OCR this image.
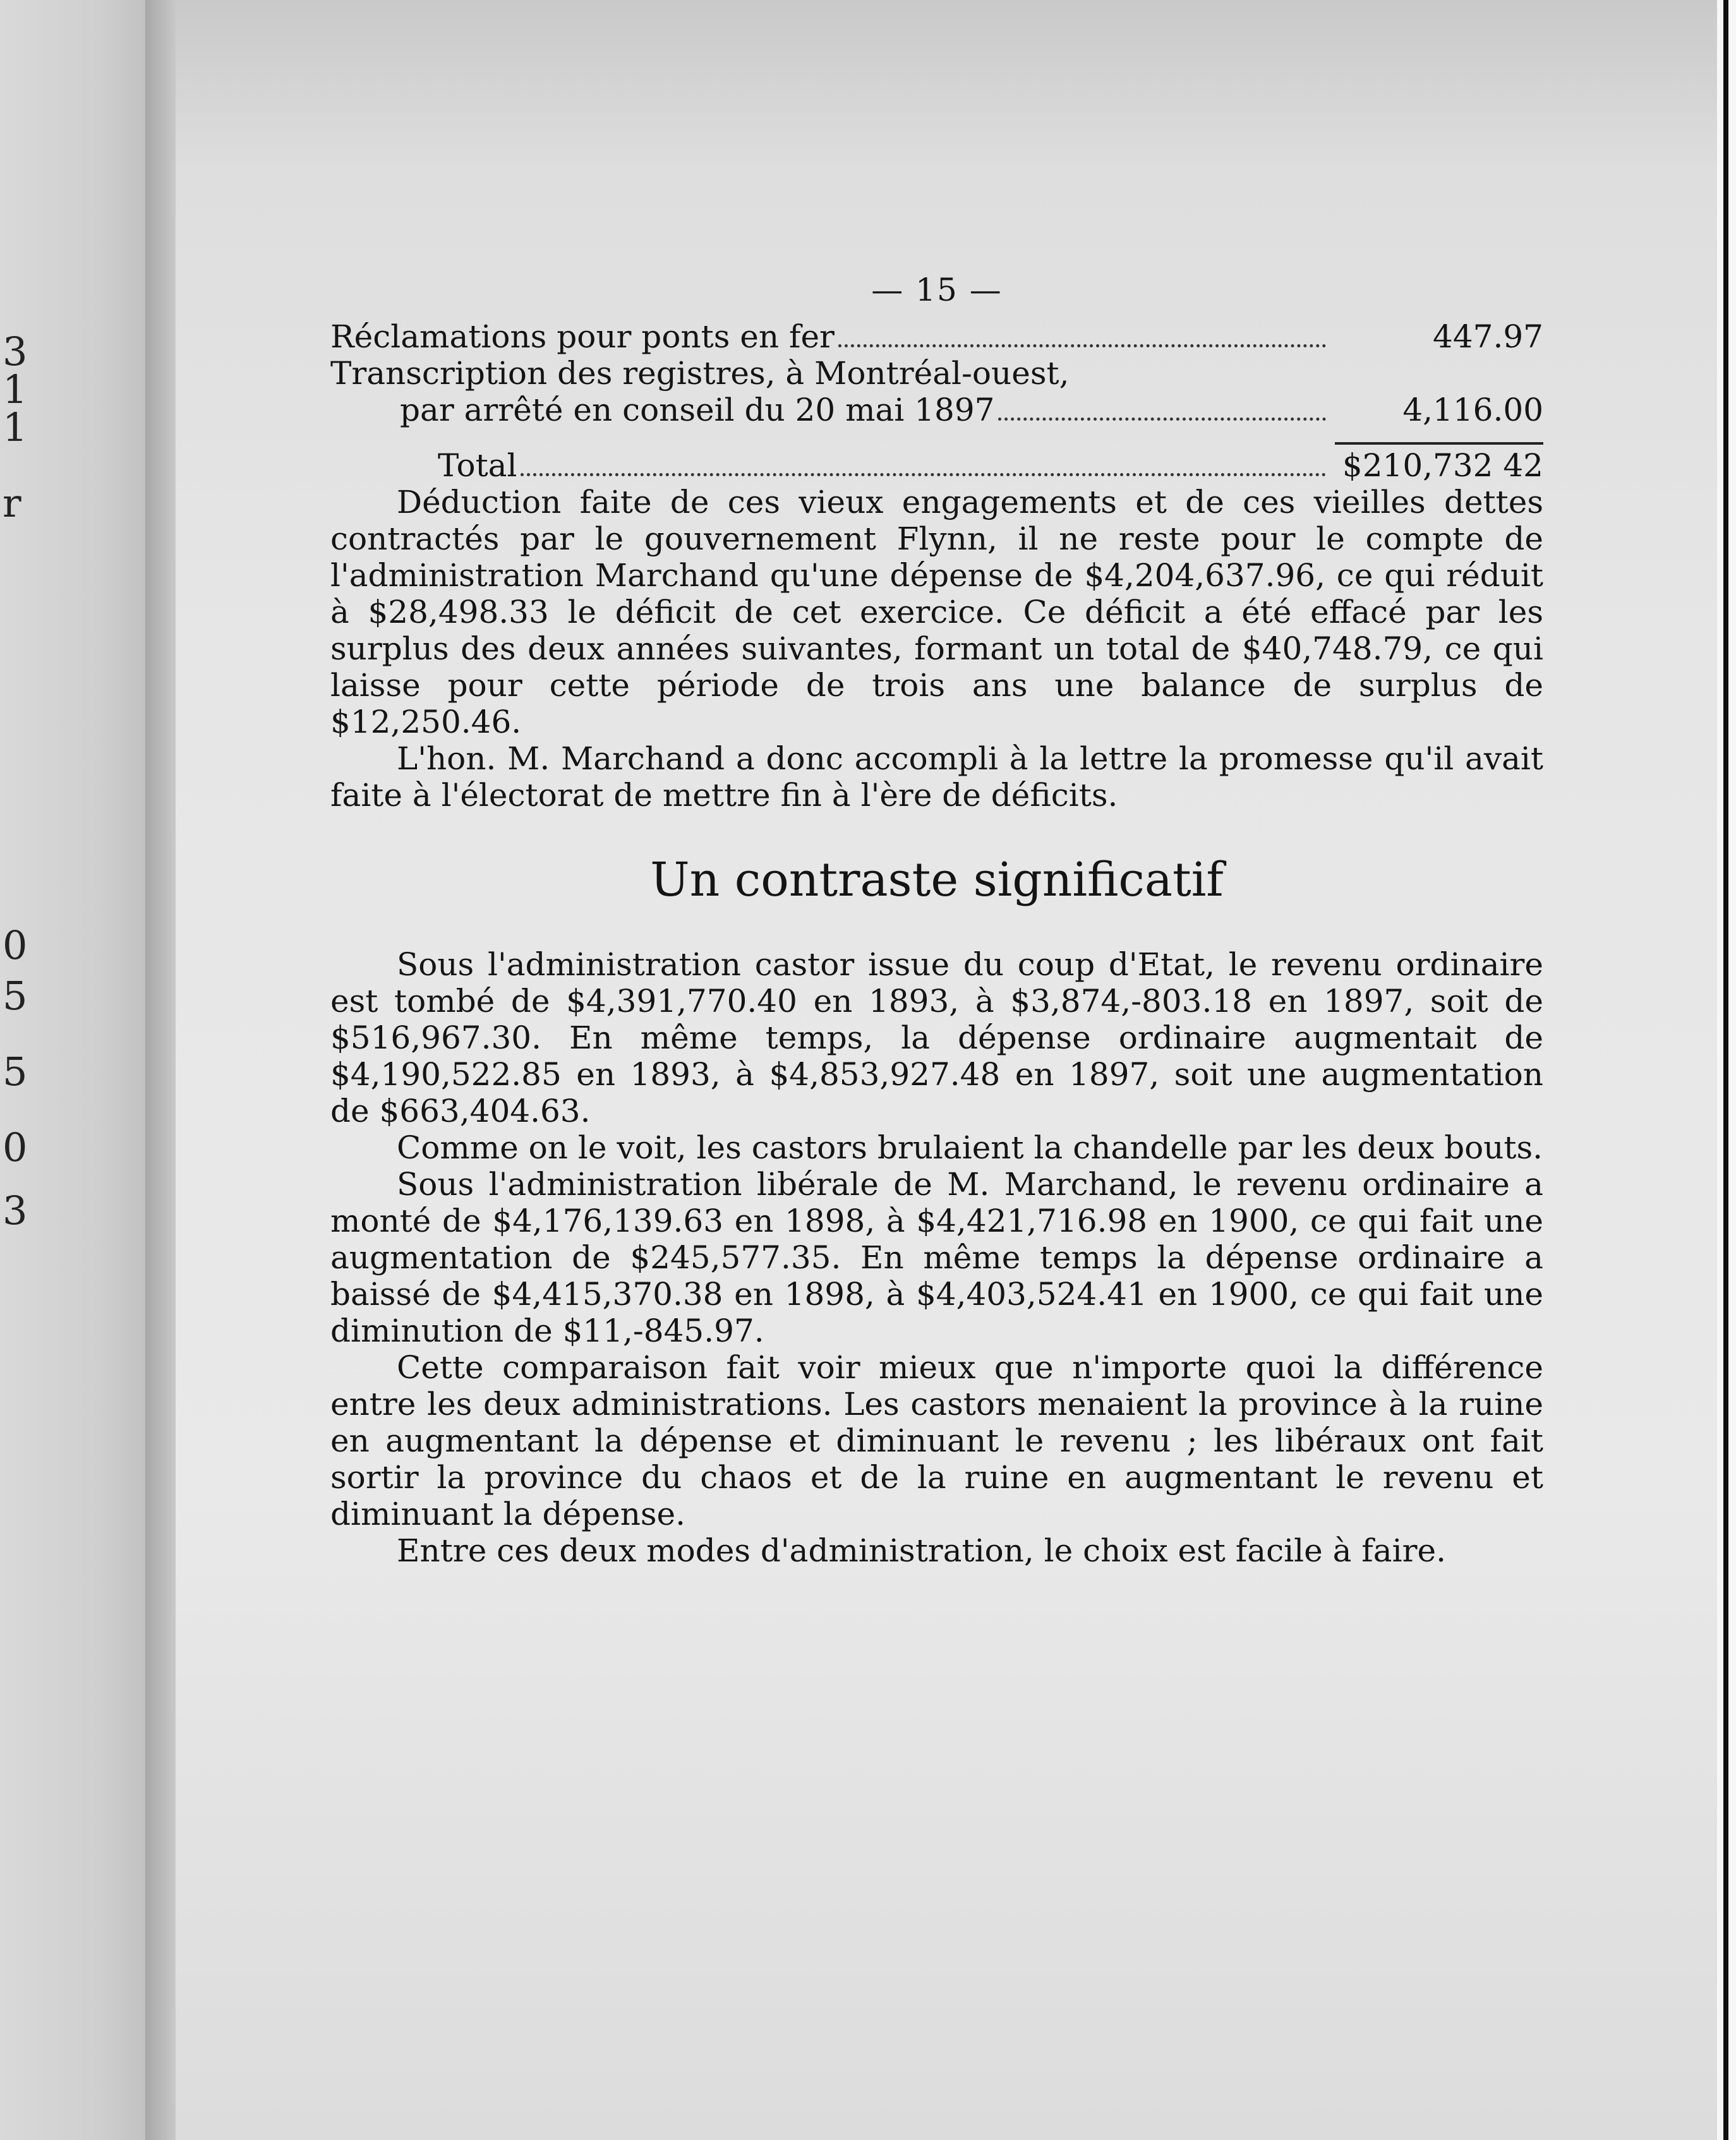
3
1
1
r
0
5
5
0
3
— 15 —
Réclamations pour ponts en fer	447.97
Transcription des registres, à Montréal-ouest,
par arrêté en conseil du 20 mai 1897	4,116.00
Total	$210,732 42

Déduction faite de ces vieux engagements et de ces vieilles dettes contractés par le gouvernement Flynn, il ne reste pour le compte de l'administration Marchand qu'une dépense de $4,204,637.96, ce qui réduit à $28,498.33 le déficit de cet exercice. Ce déficit a été effacé par les surplus des deux années suivantes, formant un total de $40,748.79, ce qui laisse pour cette période de trois ans une balance de surplus de $12,250.46.

L'hon. M. Marchand a donc accompli à la lettre la promesse qu'il avait faite à l'électorat de mettre fin à l'ère de déficits.

Un contraste significatif

Sous l'administration castor issue du coup d'Etat, le revenu ordinaire est tombé de $4,391,770.40 en 1893, à $3,874,-803.18 en 1897, soit de $516,967.30. En même temps, la dépense ordinaire augmentait de $4,190,522.85 en 1893, à $4,853,927.48 en 1897, soit une augmentation de $663,404.63.

Comme on le voit, les castors brulaient la chandelle par les deux bouts.

Sous l'administration libérale de M. Marchand, le revenu ordinaire a monté de $4,176,139.63 en 1898, à $4,421,716.98 en 1900, ce qui fait une augmentation de $245,577.35. En même temps la dépense ordinaire a baissé de $4,415,370.38 en 1898, à $4,403,524.41 en 1900, ce qui fait une diminution de $11,-845.97.

Cette comparaison fait voir mieux que n'importe quoi la différence entre les deux administrations. Les castors menaient la province à la ruine en augmentant la dépense et diminuant le revenu ; les libéraux ont fait sortir la province du chaos et de la ruine en augmentant le revenu et diminuant la dépense.

Entre ces deux modes d'administration, le choix est facile à faire.
